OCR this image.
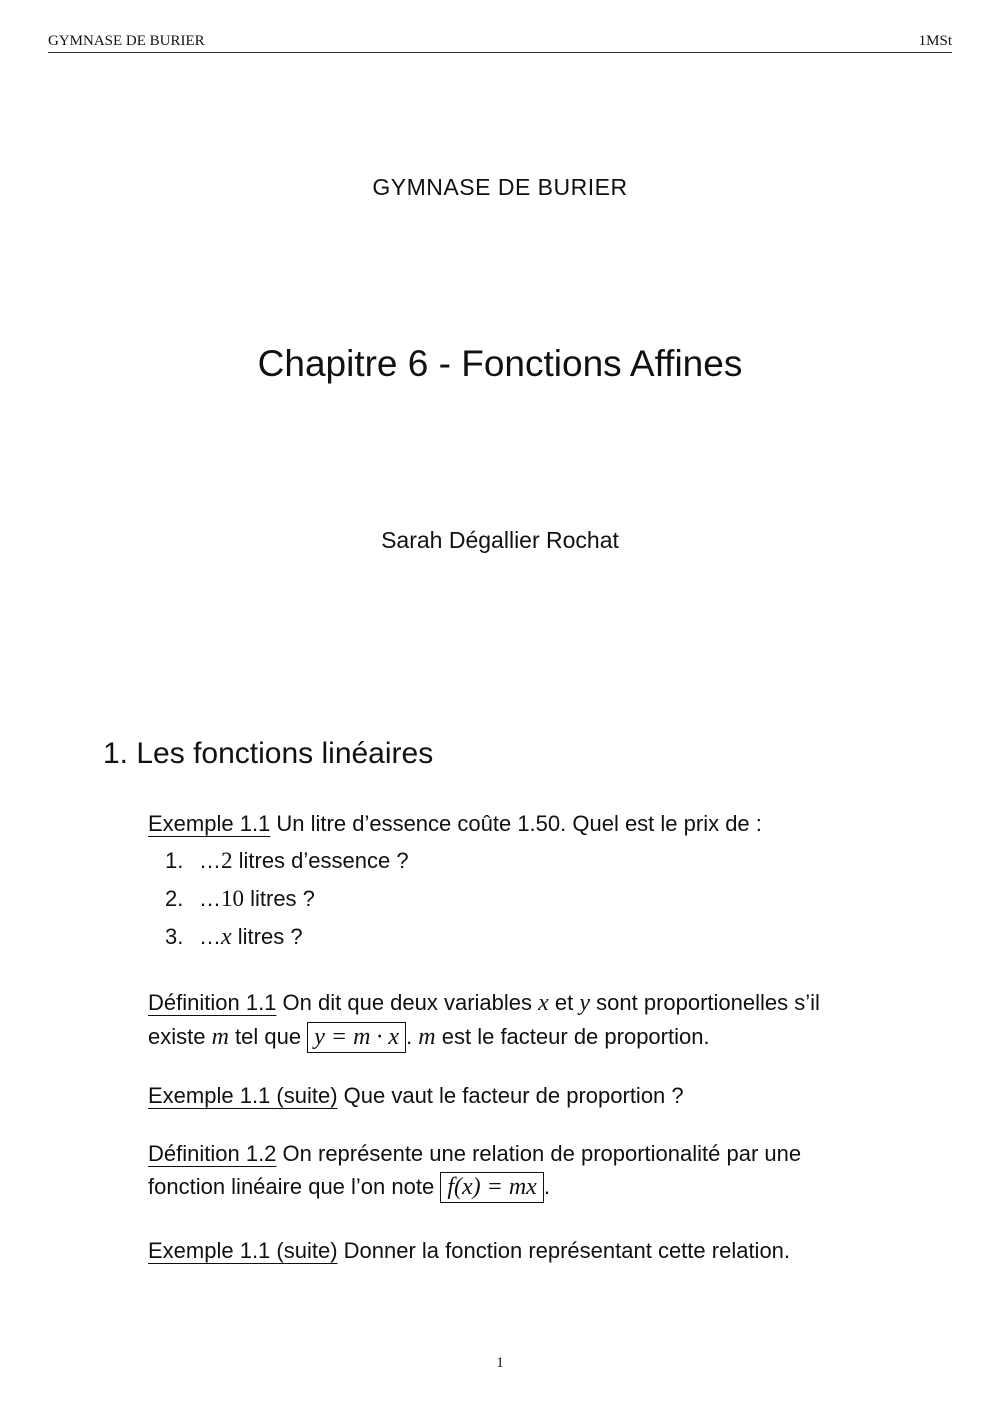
GYMNASE DE BURIER	1MSt
GYMNASE DE BURIER
Chapitre 6 - Fonctions Affines
Sarah Dégallier Rochat
1. Les fonctions linéaires
Exemple 1.1 Un litre d’essence coûte 1.50. Quel est le prix de :
1. …2 litres d’essence ?
2. …10 litres ?
3. …x litres ?
Définition 1.1 On dit que deux variables x et y sont proportionelles s’il existe m tel que y = m · x . m est le facteur de proportion.
Exemple 1.1 (suite) Que vaut le facteur de proportion ?
Définition 1.2 On représente une relation de proportionalité par une fonction linéaire que l’on note f(x) = mx .
Exemple 1.1 (suite) Donner la fonction représentant cette relation.
1
